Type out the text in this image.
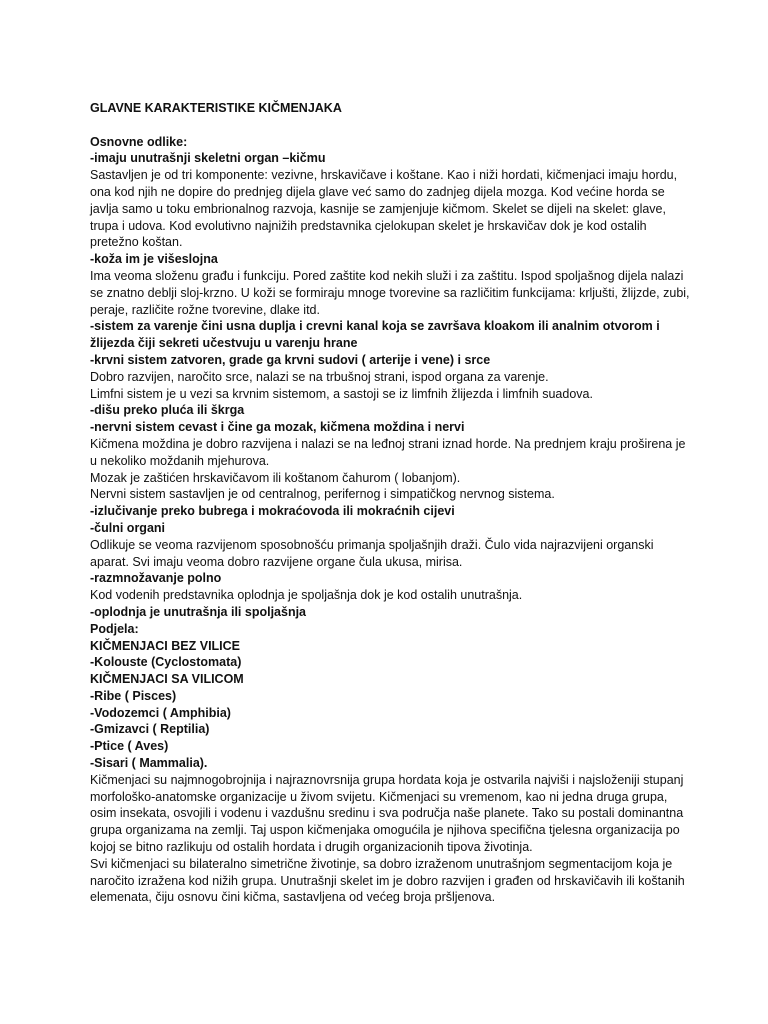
GLAVNE KARAKTERISTIKE KIČMENJAKA

Osnovne odlike:

-imaju unutrašnji skeletni organ –kičmu

Sastavljen je od tri komponente: vezivne, hrskavičave i koštane. Kao i niži hordati, kičmenjaci imaju hordu, ona kod njih ne dopire do prednjeg dijela glave već samo do zadnjeg dijela mozga. Kod većine horda se javlja samo u toku embrionalnog razvoja, kasnije se zamjenjuje kičmom. Skelet se dijeli na skelet: glave, trupa i udova. Kod evolutivno najnižih predstavnika cjelokupan skelet je hrskavičav dok je kod ostalih pretežno koštan.

-koža im je višeslojna

Ima veoma složenu građu i funkciju. Pored zaštite kod nekih služi i za zaštitu. Ispod spoljašnog dijela nalazi se znatno deblji sloj-krzno. U koži se formiraju mnoge tvorevine sa različitim funkcijama: krljušti, žlijzde, zubi, peraje, različite rožne tvorevine, dlake itd.

-sistem za varenje čini usna duplja i crevni kanal koja se završava kloakom ili analnim otvorom i žlijezda čiji sekreti učestvuju u varenju hrane

-krvni sistem zatvoren, grade ga krvni sudovi ( arterije i vene) i srce

Dobro razvijen, naročito srce, nalazi se na trbušnoj strani, ispod organa za varenje.

Limfni sistem je u vezi sa krvnim sistemom, a sastoji se iz limfnih žlijezda i limfnih suadova.

-dišu preko pluća ili škrga

-nervni sistem cevast i čine ga mozak, kičmena moždina i nervi

Kičmena moždina je dobro razvijena i nalazi se na leđnoj strani iznad horde. Na prednjem kraju proširena je u nekoliko moždanih mjehurova.

Mozak je zaštićen hrskavičavom ili koštanom čahurom ( lobanjom).

Nervni sistem sastavljen je od centralnog, perifernog i simpatičkog nervnog sistema.

-izlučivanje preko bubrega i mokraćovoda ili mokraćnih cijevi

-čulni organi

Odlikuje se veoma razvijenom sposobnošću primanja spoljašnjih draži. Čulo vida najrazvijeni organski aparat. Svi imaju veoma dobro razvijene organe čula ukusa, mirisa.

-razmnožavanje polno

Kod vodenih predstavnika oplodnja je spoljašnja dok je kod ostalih unutrašnja.

-oplodnja je unutrašnja ili spoljašnja

Podjela:

KIČMENJACI BEZ VILICE

-Kolouste (Cyclostomata)

KIČMENJACI SA VILICOM

-Ribe ( Pisces)

-Vodozemci ( Amphibia)

-Gmizavci ( Reptilia)

-Ptice ( Aves)

-Sisari ( Mammalia).

Kičmenjaci su najmnogobrojnija i najraznovrsnija grupa hordata koja je ostvarila najviši i najsloženiji stupanj morfološko-anatomske organizacije u živom svijetu. Kičmenjaci su vremenom, kao ni jedna druga grupa, osim insekata, osvojili i vodenu i vazdušnu sredinu i sva područja naše planete. Tako su postali dominantna grupa organizama na zemlji. Taj uspon kičmenjaka omogućila je njihova specifična tjelesna organizacija po kojoj se bitno razlikuju od ostalih hordata i drugih organizacionih tipova životinja.

Svi kičmenjaci su bilateralno simetrične životinje, sa dobro izraženom unutrašnjom segmentacijom koja je naročito izražena kod nižih grupa. Unutrašnji skelet im je dobro razvijen i građen od hrskavičavih ili koštanih elemenata, čiju osnovu čini kičma, sastavljena od većeg broja pršljenova.
